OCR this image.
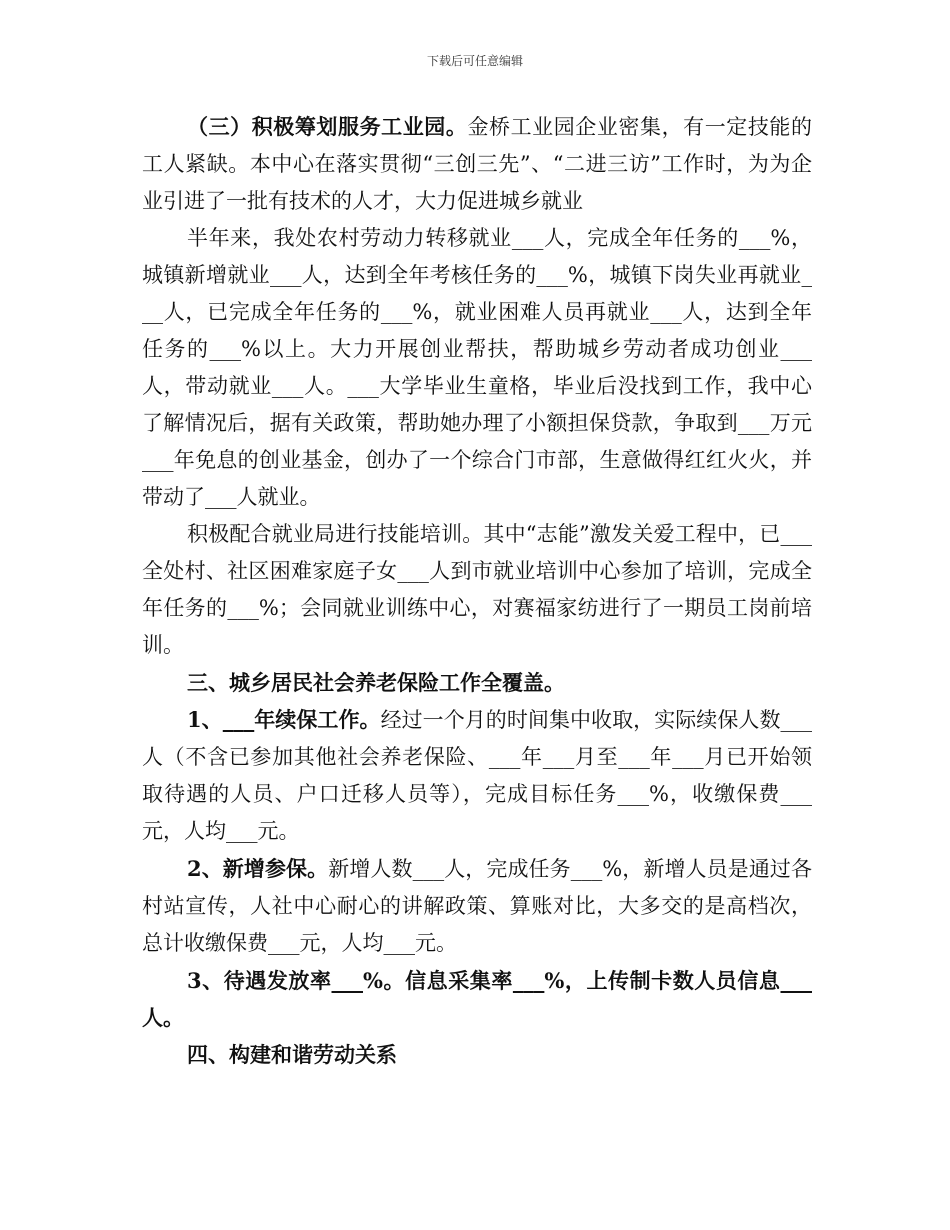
下载后可任意编辑

（三）积极筹划服务工业园。金桥工业园企业密集，有一定技能的工人紧缺。本中心在落实贯彻“三创三先”、“二进三访”工作时，为为企业引进了一批有技术的人才，大力促进城乡就业

半年来，我处农村劳动力转移就业___人，完成全年任务的___%，城镇新增就业___人，达到全年考核任务的___%，城镇下岗失业再就业___人，已完成全年任务的___%，就业困难人员再就业___人，达到全年任务的___%以上。大力开展创业帮扶，帮助城乡劳动者成功创业___人，带动就业___人。___大学毕业生童格，毕业后没找到工作，我中心了解情况后，据有关政策，帮助她办理了小额担保贷款，争取到___万元___年免息的创业基金，创办了一个综合门市部，生意做得红红火火，并带动了___人就业。

积极配合就业局进行技能培训。其中“志能”激发关爱工程中，已___全处村、社区困难家庭子女___人到市就业培训中心参加了培训，完成全年任务的___%；会同就业训练中心，对赛福家纺进行了一期员工岗前培训。

三、城乡居民社会养老保险工作全覆盖。

1、___年续保工作。经过一个月的时间集中收取，实际续保人数___人（不含已参加其他社会养老保险、___年___月至___年___月已开始领取待遇的人员、户口迁移人员等），完成目标任务___%，收缴保费___元，人均___元。

2、新增参保。新增人数___人，完成任务___%，新增人员是通过各村站宣传，人社中心耐心的讲解政策、算账对比，大多交的是高档次，总计收缴保费___元，人均___元。

3、待遇发放率___%。信息采集率___%，上传制卡数人员信息___人。

四、构建和谐劳动关系
